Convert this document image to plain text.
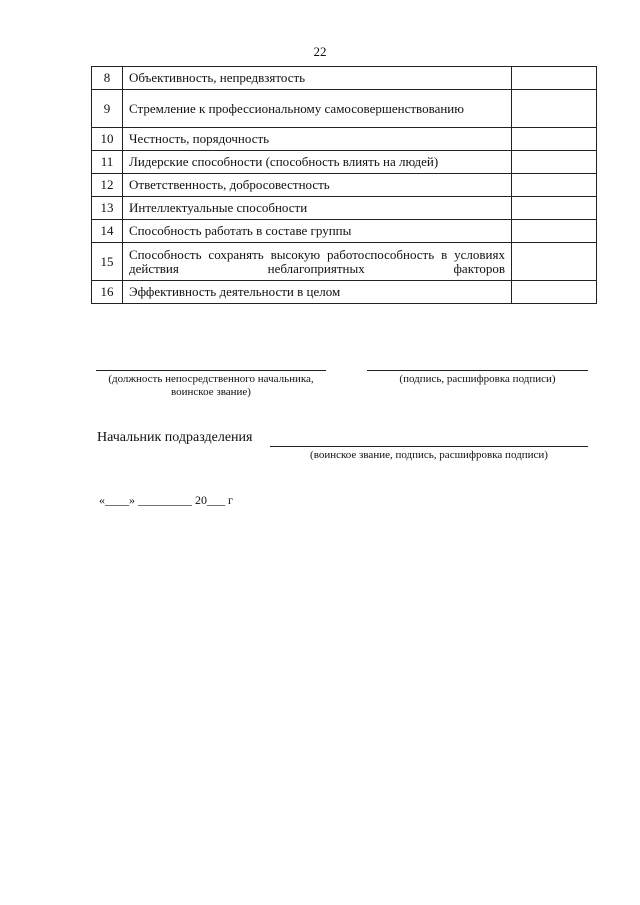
22
8	Объективность, непредвзятость	
9	Стремление к профессиональному самосовершенствованию	
10	Честность, порядочность	
11	Лидерские способности (способность влиять на людей)	
12	Ответственность, добросовестность	
13	Интеллектуальные способности	
14	Способность работать в составе группы	
15	Способность сохранять высокую работоспособность в условиях действия неблагоприятных факторов	
16	Эффективность деятельности в целом	
(должность непосредственного начальника,
воинское звание)
(подпись, расшифровка подписи)
Начальник подразделения
(воинское звание, подпись, расшифровка подписи)
«____» _________ 20___ г
